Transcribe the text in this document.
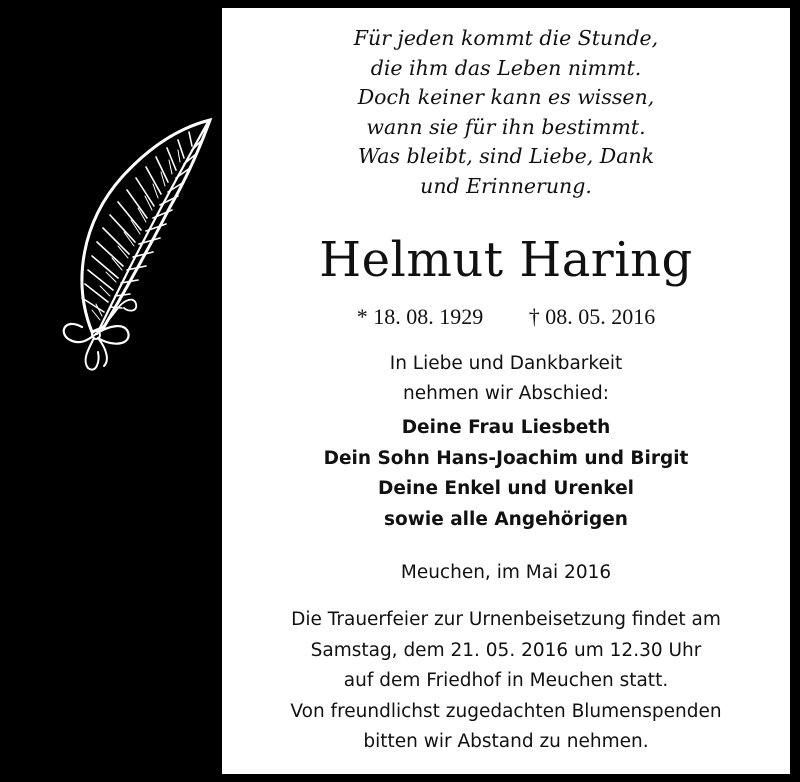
Für jeden kommt die Stunde,
die ihm das Leben nimmt.
Doch keiner kann es wissen,
wann sie für ihn bestimmt.
Was bleibt, sind Liebe, Dank
und Erinnerung.
Helmut Haring
* 18. 08. 1929 † 08. 05. 2016
In Liebe und Dankbarkeit
nehmen wir Abschied:
Deine Frau Liesbeth
Dein Sohn Hans-Joachim und Birgit
Deine Enkel und Urenkel
sowie alle Angehörigen
Meuchen, im Mai 2016
Die Trauerfeier zur Urnenbeisetzung findet am
Samstag, dem 21. 05. 2016 um 12.30 Uhr
auf dem Friedhof in Meuchen statt.
Von freundlichst zugedachten Blumenspenden
bitten wir Abstand zu nehmen.
